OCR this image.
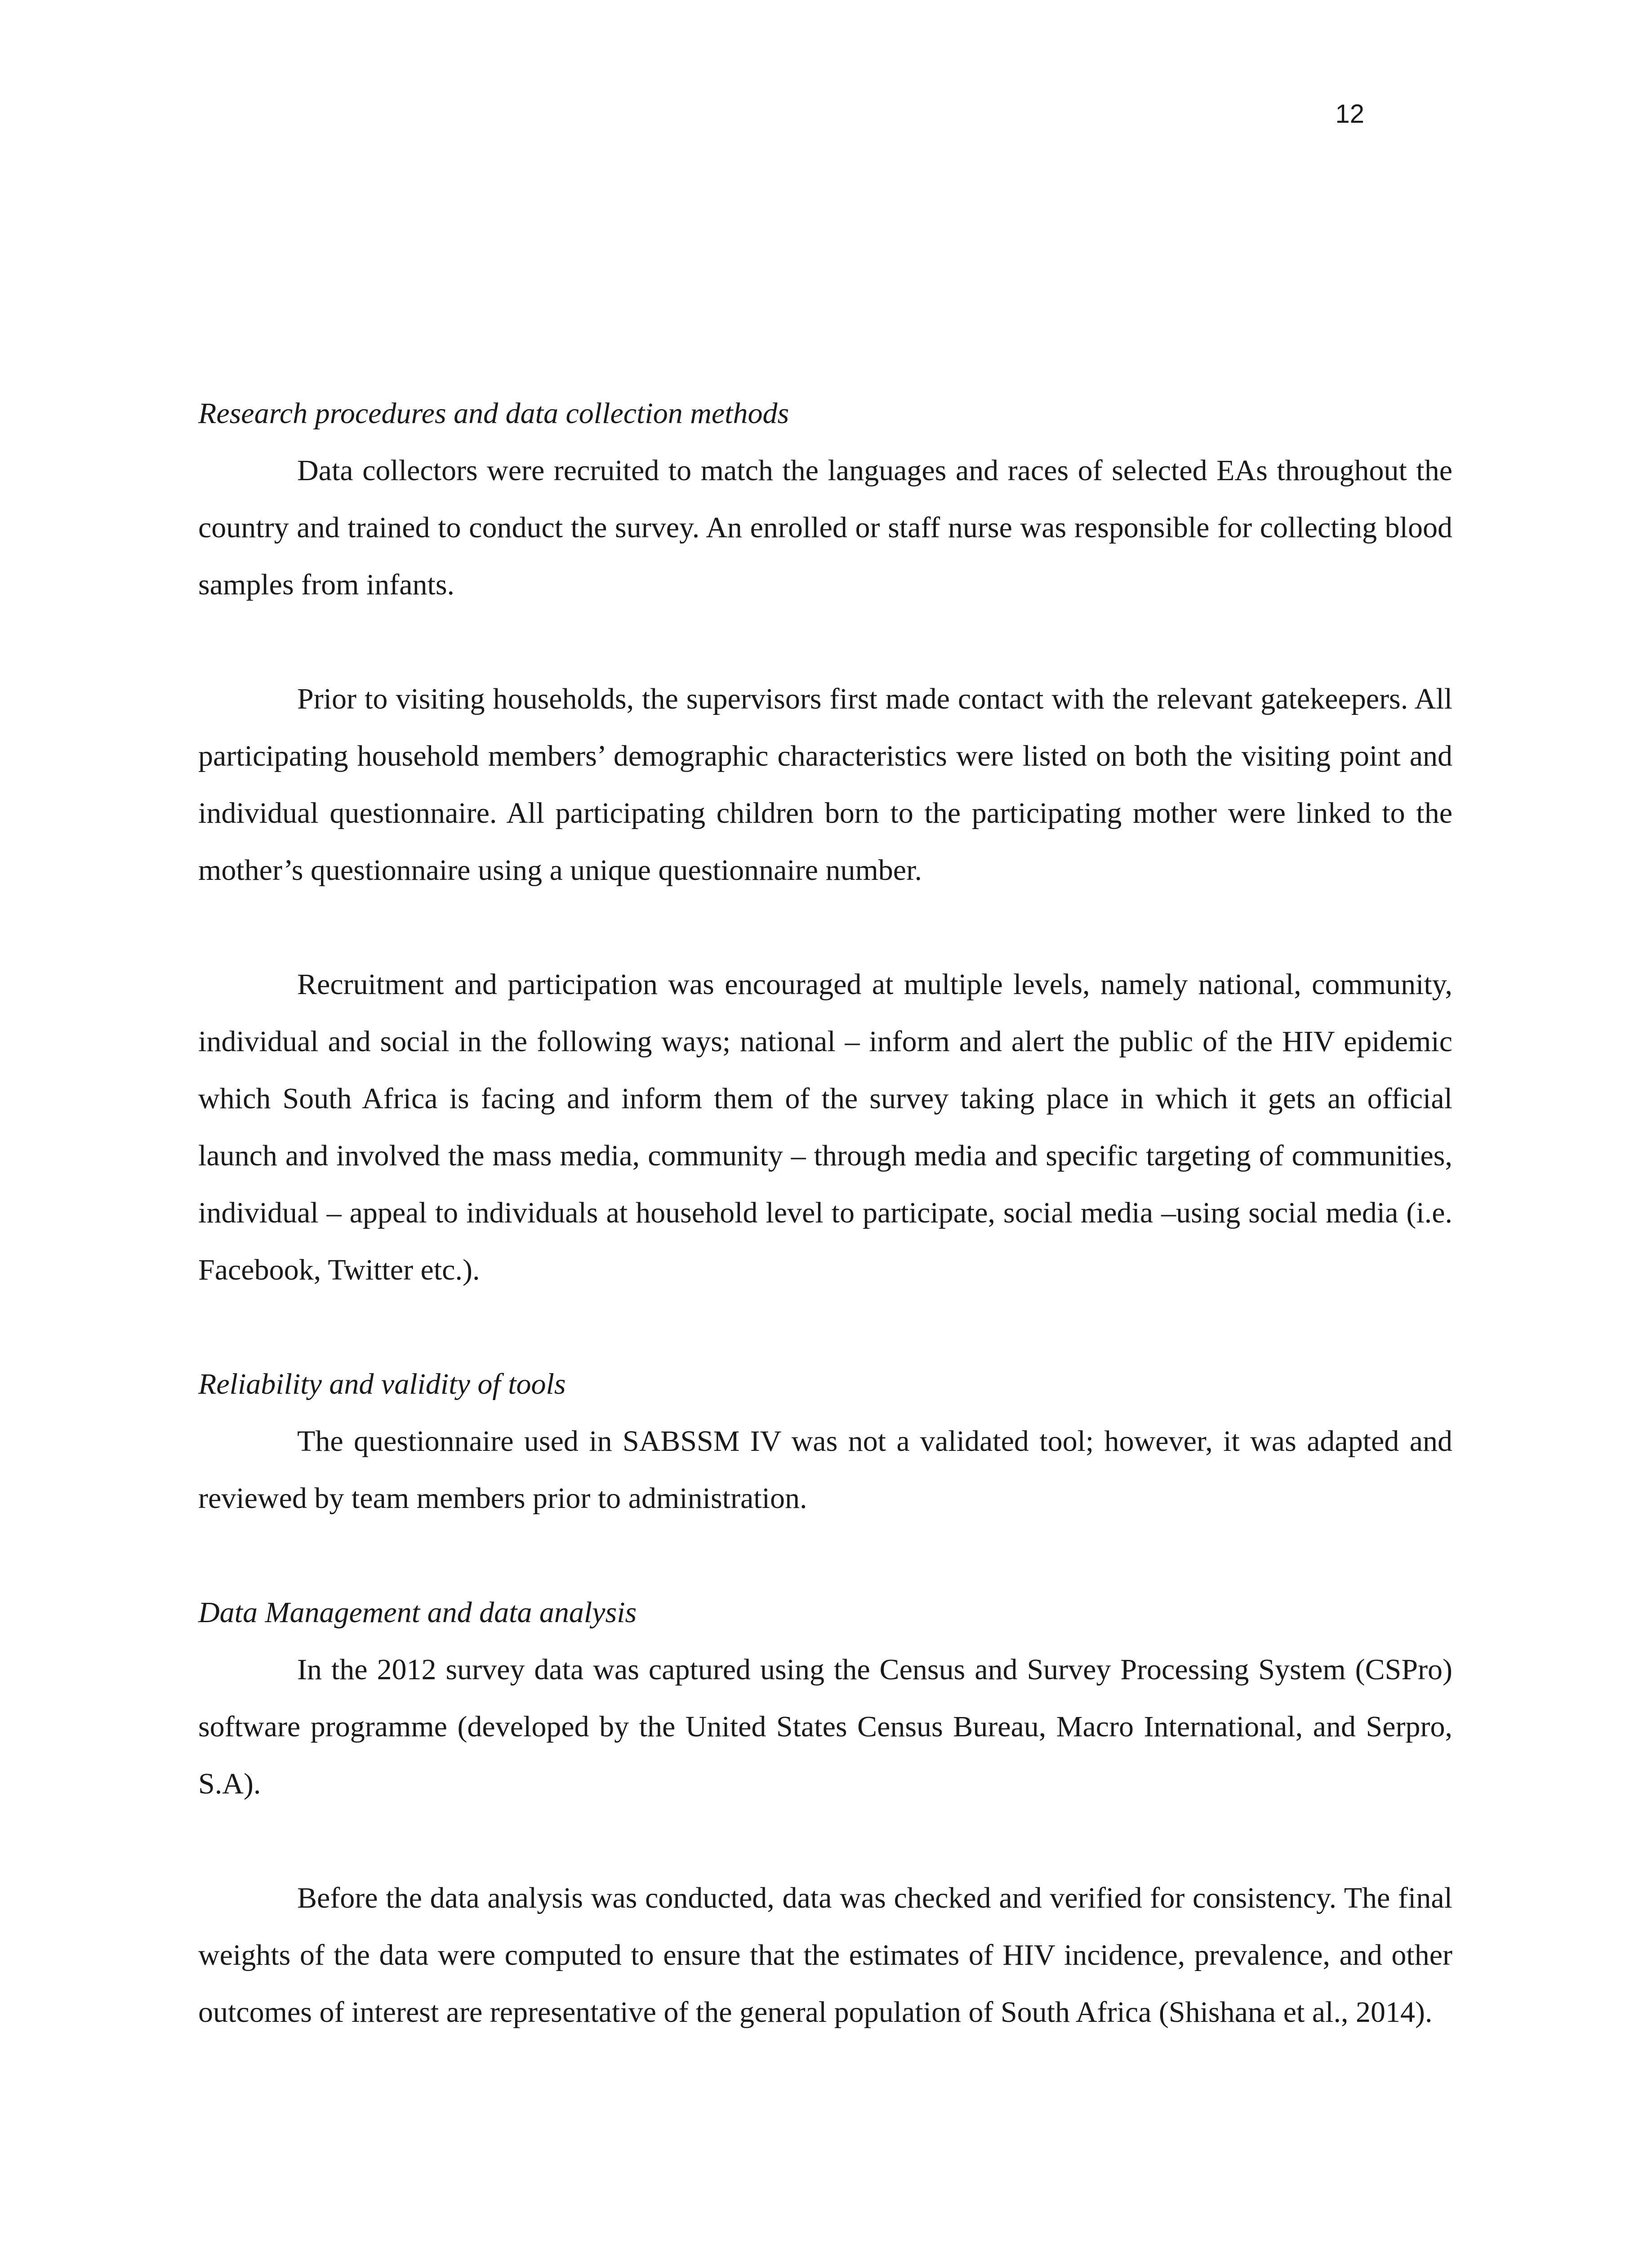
12

Research procedures and data collection methods

Data collectors were recruited to match the languages and races of selected EAs throughout the country and trained to conduct the survey. An enrolled or staff nurse was responsible for collecting blood samples from infants.

Prior to visiting households, the supervisors first made contact with the relevant gatekeepers. All participating household members’ demographic characteristics were listed on both the visiting point and individual questionnaire. All participating children born to the participating mother were linked to the mother’s questionnaire using a unique questionnaire number.

Recruitment and participation was encouraged at multiple levels, namely national, community, individual and social in the following ways; national – inform and alert the public of the HIV epidemic which South Africa is facing and inform them of the survey taking place in which it gets an official launch and involved the mass media, community – through media and specific targeting of communities, individual – appeal to individuals at household level to participate, social media –using social media (i.e. Facebook, Twitter etc.).

Reliability and validity of tools

The questionnaire used in SABSSM IV was not a validated tool; however, it was adapted and reviewed by team members prior to administration.

Data Management and data analysis

In the 2012 survey data was captured using the Census and Survey Processing System (CSPro) software programme (developed by the United States Census Bureau, Macro International, and Serpro, S.A).

Before the data analysis was conducted, data was checked and verified for consistency. The final weights of the data were computed to ensure that the estimates of HIV incidence, prevalence, and other outcomes of interest are representative of the general population of South Africa (Shishana et al., 2014).
